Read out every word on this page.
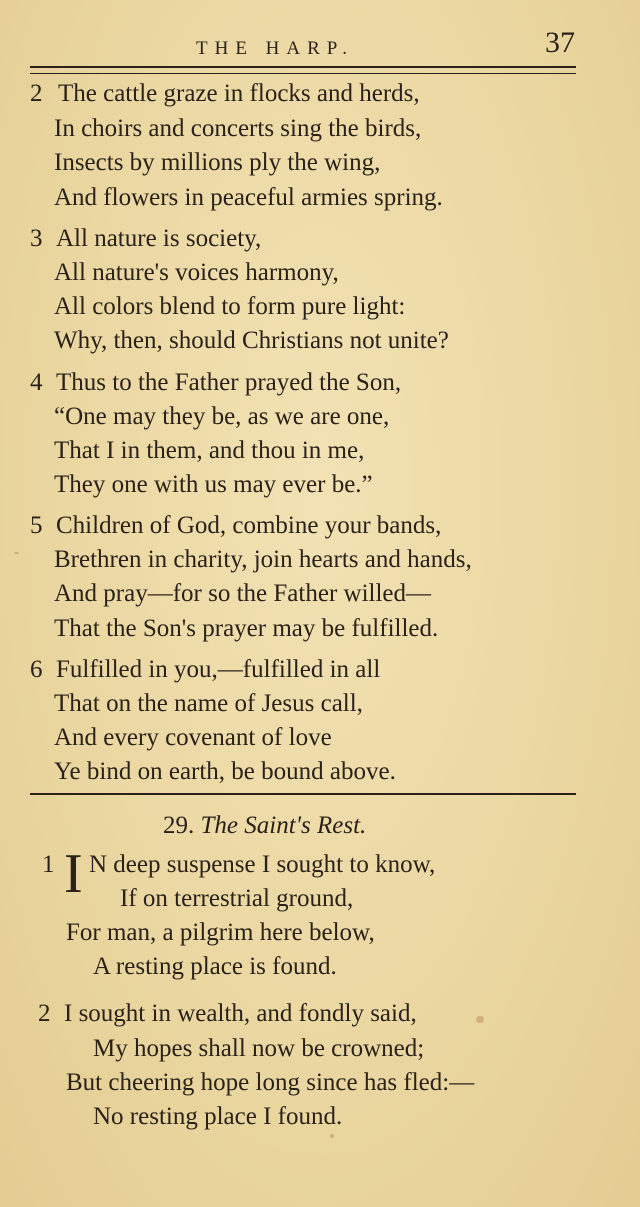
THE HARP.	37
2 The cattle graze in flocks and herds,
In choirs and concerts sing the birds,
Insects by millions ply the wing,
And flowers in peaceful armies spring.
3 All nature is society,
All nature's voices harmony,
All colors blend to form pure light:
Why, then, should Christians not unite?
4 Thus to the Father prayed the Son,
“One may they be, as we are one,
That I in them, and thou in me,
They one with us may ever be.”
5 Children of God, combine your bands,
Brethren in charity, join hearts and hands,
And pray—for so the Father willed—
That the Son's prayer may be fulfilled.
6 Fulfilled in you,—fulfilled in all
That on the name of Jesus call,
And every covenant of love
Ye bind on earth, be bound above.
29. The Saint's Rest.
1 I N deep suspense I sought to know,
If on terrestrial ground,
For man, a pilgrim here below,
A resting place is found.
2 I sought in wealth, and fondly said,
My hopes shall now be crowned;
But cheering hope long since has fled:—
No resting place I found.
